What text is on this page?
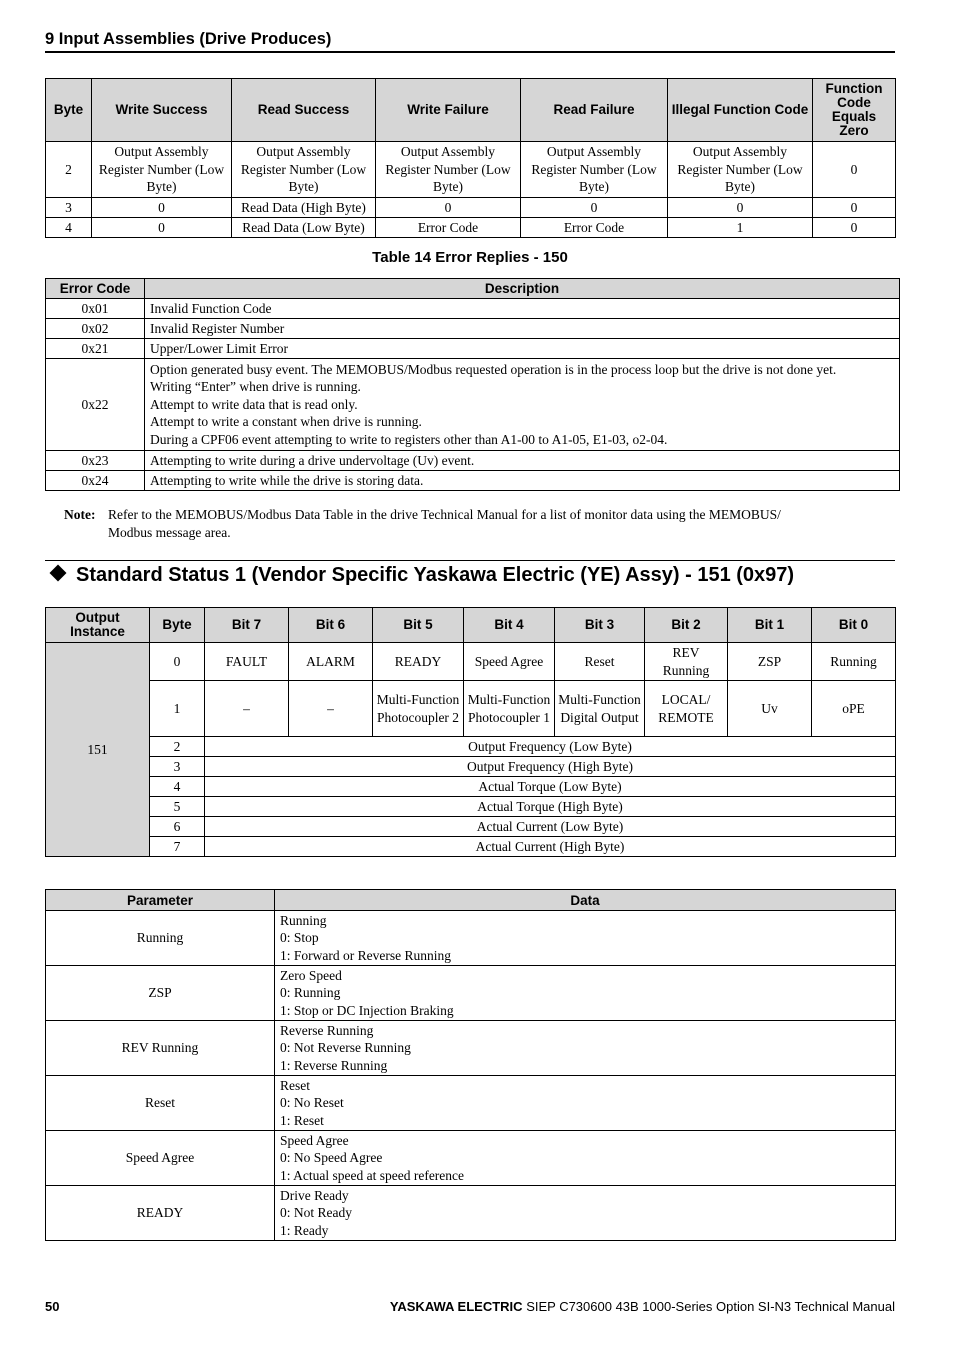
9 Input Assemblies (Drive Produces)
Byte	Write Success	Read Success	Write Failure	Read Failure	Illegal Function Code	Function Code Equals Zero
2	Output Assembly Register Number (Low Byte)	Output Assembly Register Number (Low Byte)	Output Assembly Register Number (Low Byte)	Output Assembly Register Number (Low Byte)	Output Assembly Register Number (Low Byte)	0
3	0	Read Data (High Byte)	0	0	0	0
4	0	Read Data (Low Byte)	Error Code	Error Code	1	0
Table 14 Error Replies - 150
Error Code	Description
0x01	Invalid Function Code
0x02	Invalid Register Number
0x21	Upper/Lower Limit Error
0x22	Option generated busy event. The MEMOBUS/Modbus requested operation is in the process loop but the drive is not done yet.
Writing “Enter” when drive is running.
Attempt to write data that is read only.
Attempt to write a constant when drive is running.
During a CPF06 event attempting to write to registers other than A1-00 to A1-05, E1-03, o2-04.

0x23	Attempting to write during a drive undervoltage (Uv) event.
0x24	Attempting to write while the drive is storing data.
Note: Refer to the MEMOBUS/Modbus Data Table in the drive Technical Manual for a list of monitor data using the MEMOBUS/
Modbus message area.
Standard Status 1 (Vendor Specific Yaskawa Electric (YE) Assy) - 151 (0x97)
Output Instance	Byte	Bit 7	Bit 6	Bit 5	Bit 4	Bit 3	Bit 2	Bit 1	Bit 0
151	0	FAULT	ALARM	READY	Speed Agree	Reset	REV Running	ZSP	Running
	1	–	–	Multi-Function Photocoupler 2	Multi-Function Photocoupler 1	Multi-Function Digital Output	LOCAL/ REMOTE	Uv	oPE
	2	Output Frequency (Low Byte)							
	3	Output Frequency (High Byte)							
	4	Actual Torque (Low Byte)							
	5	Actual Torque (High Byte)							
	6	Actual Current (Low Byte)							
	7	Actual Current (High Byte)							
Parameter	Data
Running	Running
0: Stop
1: Forward or Reverse Running

ZSP	Zero Speed
0: Running
1: Stop or DC Injection Braking

REV Running	Reverse Running
0: Not Reverse Running
1: Reverse Running

Reset	Reset
0: No Reset
1: Reset

Speed Agree	Speed Agree
0: No Speed Agree
1: Actual speed at speed reference

READY	Drive Ready
0: Not Ready
1: Ready
50	YASKAWA ELECTRIC SIEP C730600 43B 1000-Series Option SI-N3 Technical Manual
